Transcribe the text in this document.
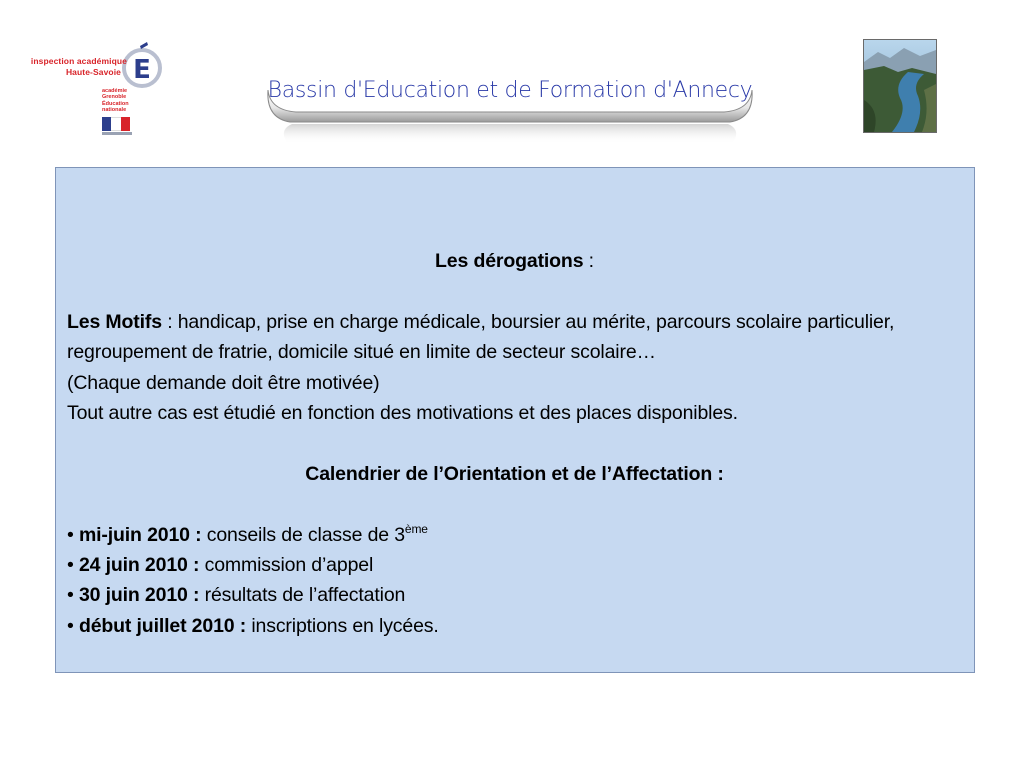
E
inspection académique
Haute-Savoie
académie
Grenoble
Éducation
nationale
Bassin d'Education et de Formation d'Annecy

Les dérogations :

Les Motifs : handicap, prise en charge médicale, boursier au mérite, parcours scolaire particulier, regroupement de fratrie, domicile situé en limite de secteur scolaire…

(Chaque demande doit être motivée)

Tout autre cas est étudié en fonction des motivations et des places disponibles.

Calendrier de l’Orientation et de l’Affectation :

• mi-juin 2010 : conseils de classe de 3ème

• 24 juin 2010 : commission d’appel

• 30 juin 2010 : résultats de l’affectation

• début juillet 2010 : inscriptions en lycées.
